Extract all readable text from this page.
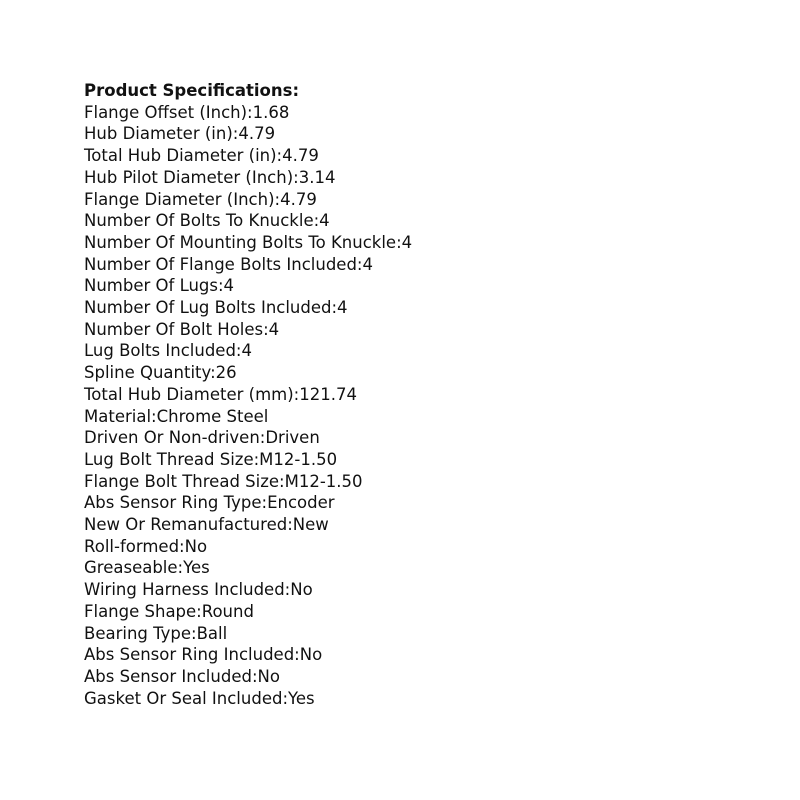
Product Specifications:
Flange Offset (Inch):1.68
Hub Diameter (in):4.79
Total Hub Diameter (in):4.79
Hub Pilot Diameter (Inch):3.14
Flange Diameter (Inch):4.79
Number Of Bolts To Knuckle:4
Number Of Mounting Bolts To Knuckle:4
Number Of Flange Bolts Included:4
Number Of Lugs:4
Number Of Lug Bolts Included:4
Number Of Bolt Holes:4
Lug Bolts Included:4
Spline Quantity:26
Total Hub Diameter (mm):121.74
Material:Chrome Steel
Driven Or Non-driven:Driven
Lug Bolt Thread Size:M12-1.50
Flange Bolt Thread Size:M12-1.50
Abs Sensor Ring Type:Encoder
New Or Remanufactured:New
Roll-formed:No
Greaseable:Yes
Wiring Harness Included:No
Flange Shape:Round
Bearing Type:Ball
Abs Sensor Ring Included:No
Abs Sensor Included:No
Gasket Or Seal Included:Yes
